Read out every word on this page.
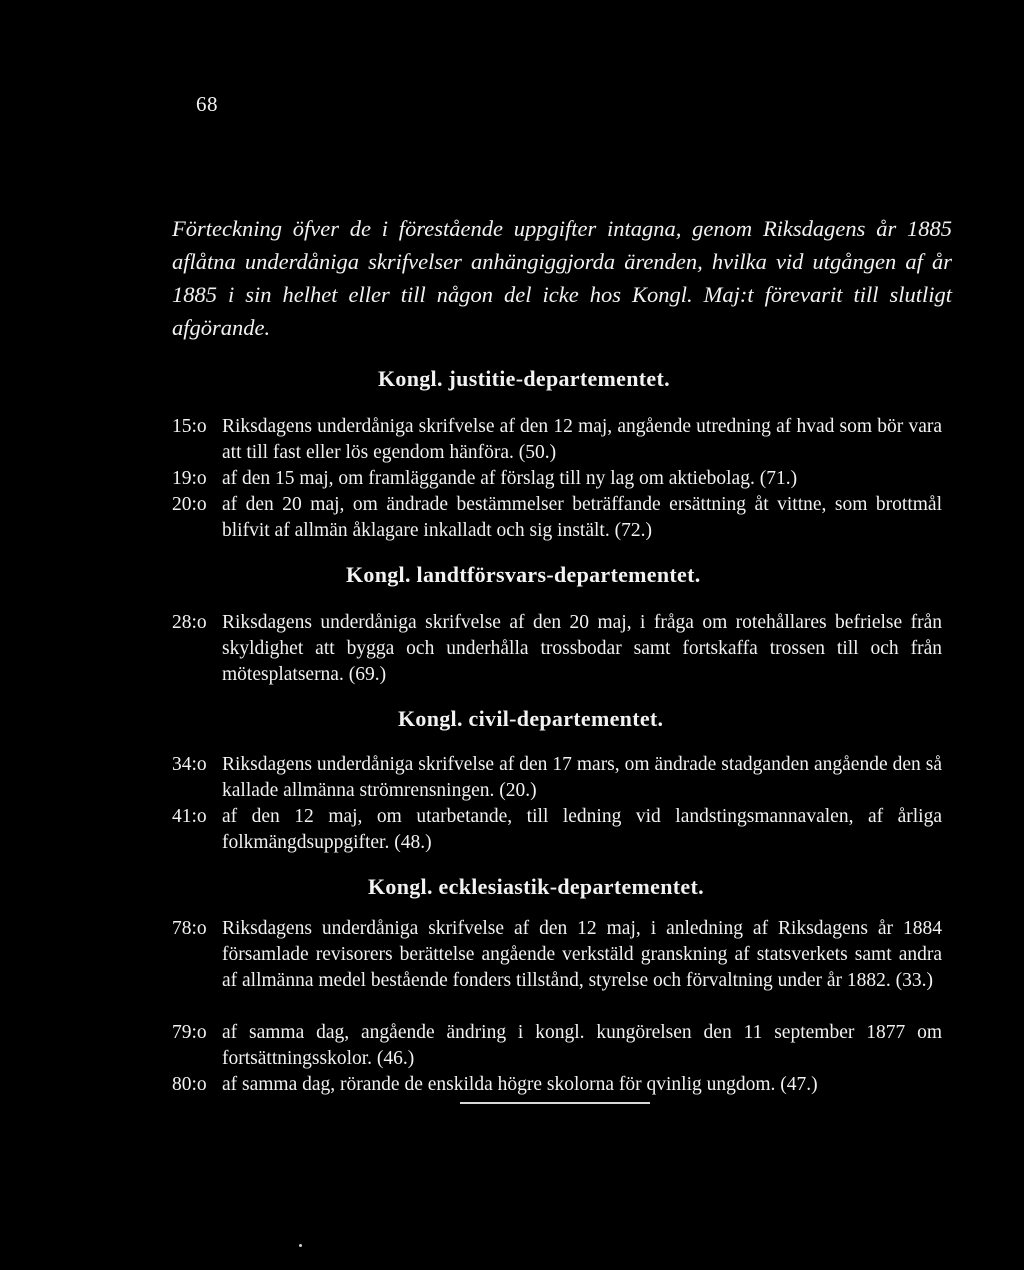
68

Förteckning öfver de i förestående uppgifter intagna, genom Riksdagens år 1885 aflåtna underdåniga skrifvelser anhängiggjorda ärenden, hvilka vid utgången af år 1885 i sin helhet eller till någon del icke hos Kongl. Maj:t förevarit till slutligt afgörande.

Kongl. justitie-departementet.
15:o Riksdagens underdåniga skrifvelse af den 12 maj, angående utredning af hvad som bör vara att till fast eller lös egendom hänföra. (50.)
19:o af den 15 maj, om framläggande af förslag till ny lag om aktiebolag. (71.)
20:o af den 20 maj, om ändrade bestämmelser beträffande ersättning åt vittne, som brottmål blifvit af allmän åklagare inkalladt och sig instält. (72.)
Kongl. landtförsvars-departementet.
28:o Riksdagens underdåniga skrifvelse af den 20 maj, i fråga om rotehållares befrielse från skyldighet att bygga och underhålla trossbodar samt fortskaffa trossen till och från mötesplatserna. (69.)
Kongl. civil-departementet.
34:o Riksdagens underdåniga skrifvelse af den 17 mars, om ändrade stadganden angående den så kallade allmänna strömrensningen. (20.)
41:o af den 12 maj, om utarbetande, till ledning vid landstingsmannavalen, af årliga folkmängdsuppgifter. (48.)
Kongl. ecklesiastik-departementet.
78:o Riksdagens underdåniga skrifvelse af den 12 maj, i anledning af Riksdagens år 1884 församlade revisorers berättelse angående verkstäld granskning af statsverkets samt andra af allmänna medel bestående fonders tillstånd, styrelse och förvaltning under år 1882. (33.)
79:o af samma dag, angående ändring i kongl. kungörelsen den 11 september 1877 om fortsättningsskolor. (46.)
80:o af samma dag, rörande de enskilda högre skolorna för qvinlig ungdom. (47.)
